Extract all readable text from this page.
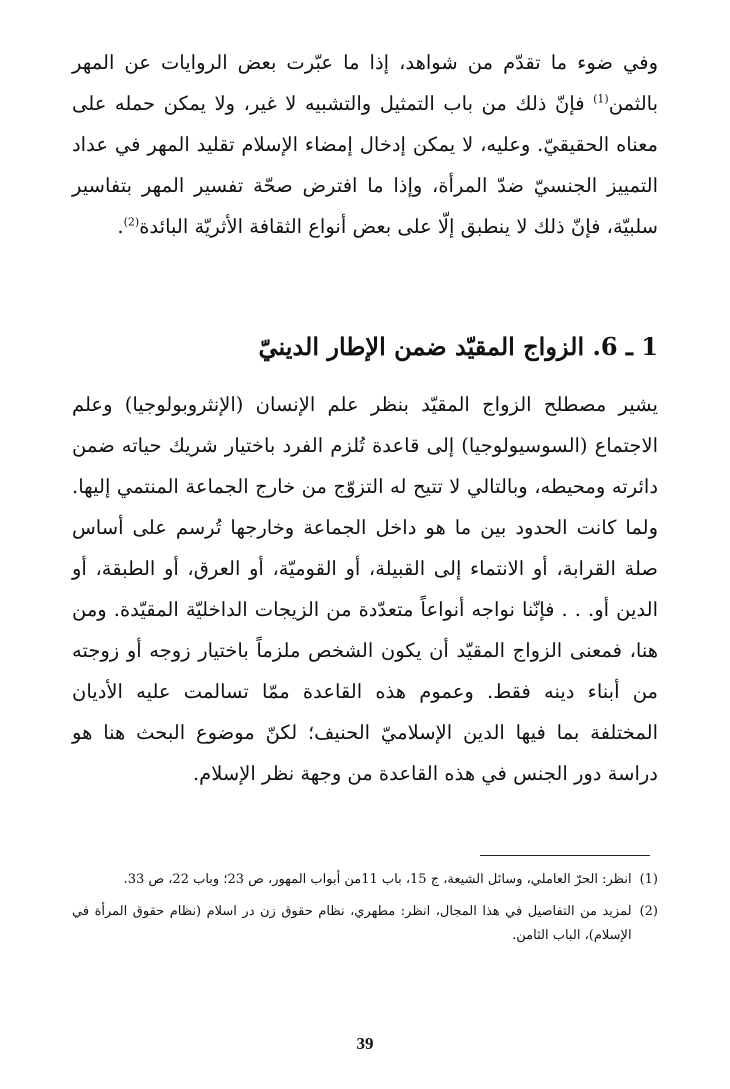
وفي ضوء ما تقدّم من شواهد، إذا ما عبّرت بعض الروايات عن المهر بالثمن$^{(1)}$ فإنّ ذلك من باب التمثيل والتشبيه لا غير، ولا يمكن حمله على معناه الحقيقيّ. وعليه، لا يمكن إدخال إمضاء الإسلام تقليد المهر في عداد التمييز الجنسيّ ضدّ المرأة، وإذا ما افترض صحّة تفسير المهر بتفاسير سلبيّة، فإنّ ذلك لا ينطبق إلّا على بعض أنواع الثقافة الأثريّة البائدة$^{(2)}$.
1 ـ 6. الزواج المقيّد ضمن الإطار الدينيّ
يشير مصطلح الزواج المقيّد بنظر علم الإنسان (الإنثروبولوجيا) وعلم الاجتماع (السوسيولوجيا) إلى قاعدة تُلزم الفرد باختيار شريك حياته ضمن دائرته ومحيطه، وبالتالي لا تتيح له التزوّج من خارج الجماعة المنتمي إليها. ولما كانت الحدود بين ما هو داخل الجماعة وخارجها تُرسم على أساس صلة القرابة، أو الانتماء إلى القبيلة، أو القوميّة، أو العرق، أو الطبقة، أو الدين أو. . . فإنّنا نواجه أنواعاً متعدّدة من الزيجات الداخليّة المقيّدة. ومن هنا، فمعنى الزواج المقيّد أن يكون الشخص ملزماً باختيار زوجه أو زوجته من أبناء دينه فقط. وعموم هذه القاعدة ممّا تسالمت عليه الأديان المختلفة بما فيها الدين الإسلاميّ الحنيف؛ لكنّ موضوع البحث هنا هو دراسة دور الجنس في هذه القاعدة من وجهة نظر الإسلام.
(1)
انظر: الحرّ العاملي، وسائل الشيعة، ج 15، باب 11من أبواب المهور، ص 23؛ وباب 22، ص 33.
(2)
لمزيد من التفاصيل في هذا المجال، انظر: مطهري، نظام حقوق زن در اسلام (نظام حقوق المرأة في الإسلام)، الباب الثامن.
39
